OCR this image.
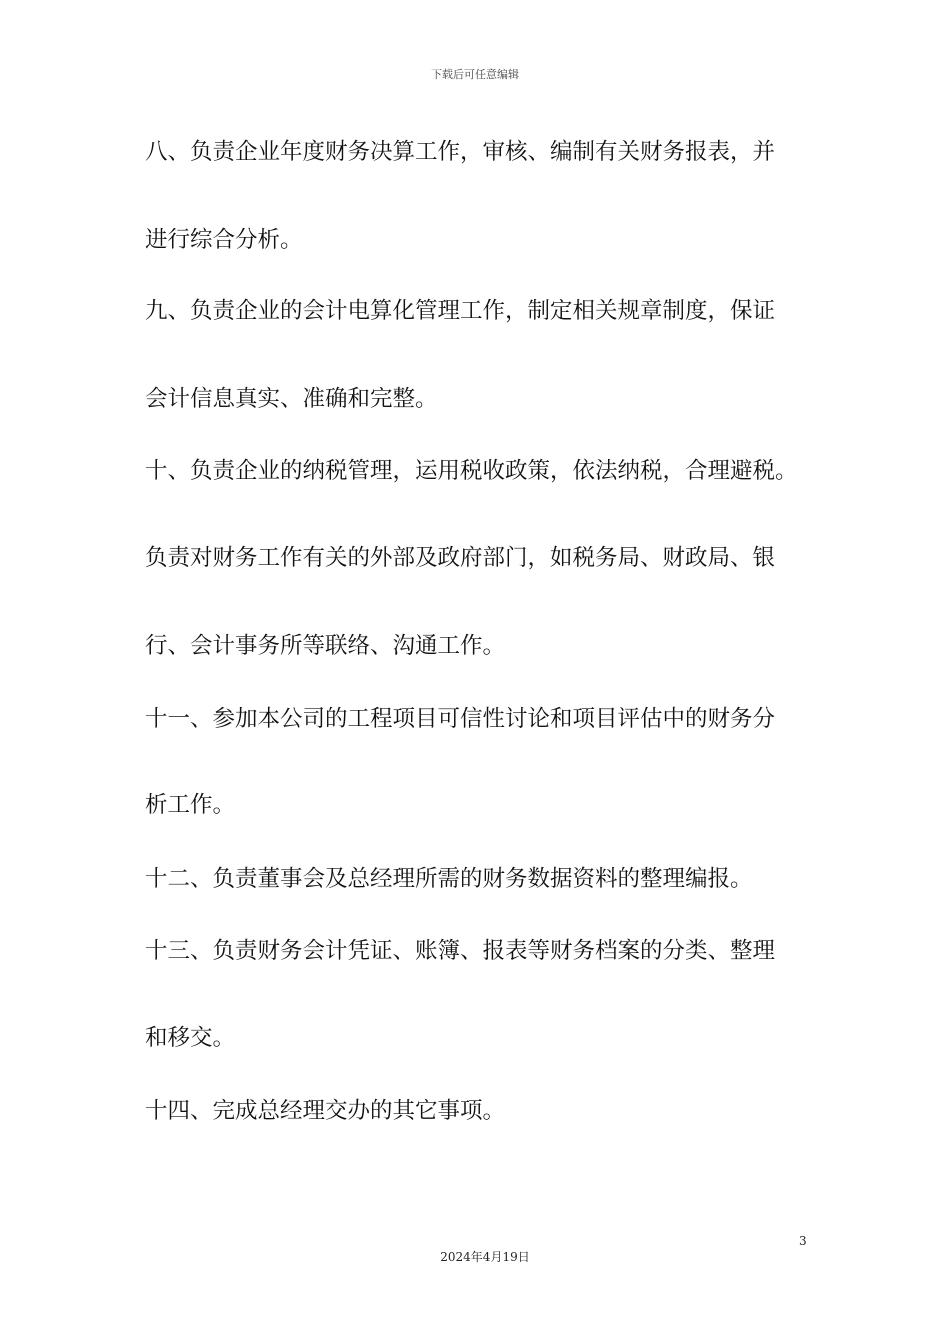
下载后可任意编辑
八、负责企业年度财务决算工作，审核、编制有关财务报表，并
进行综合分析。
九、负责企业的会计电算化管理工作，制定相关规章制度，保证
会计信息真实、准确和完整。
十、负责企业的纳税管理，运用税收政策，依法纳税，合理避税。
负责对财务工作有关的外部及政府部门，如税务局、财政局、银
行、会计事务所等联络、沟通工作。
十一、参加本公司的工程项目可信性讨论和项目评估中的财务分
析工作。
十二、负责董事会及总经理所需的财务数据资料的整理编报。
十三、负责财务会计凭证、账簿、报表等财务档案的分类、整理
和移交。
十四、完成总经理交办的其它事项。
3
2024年4月19日
